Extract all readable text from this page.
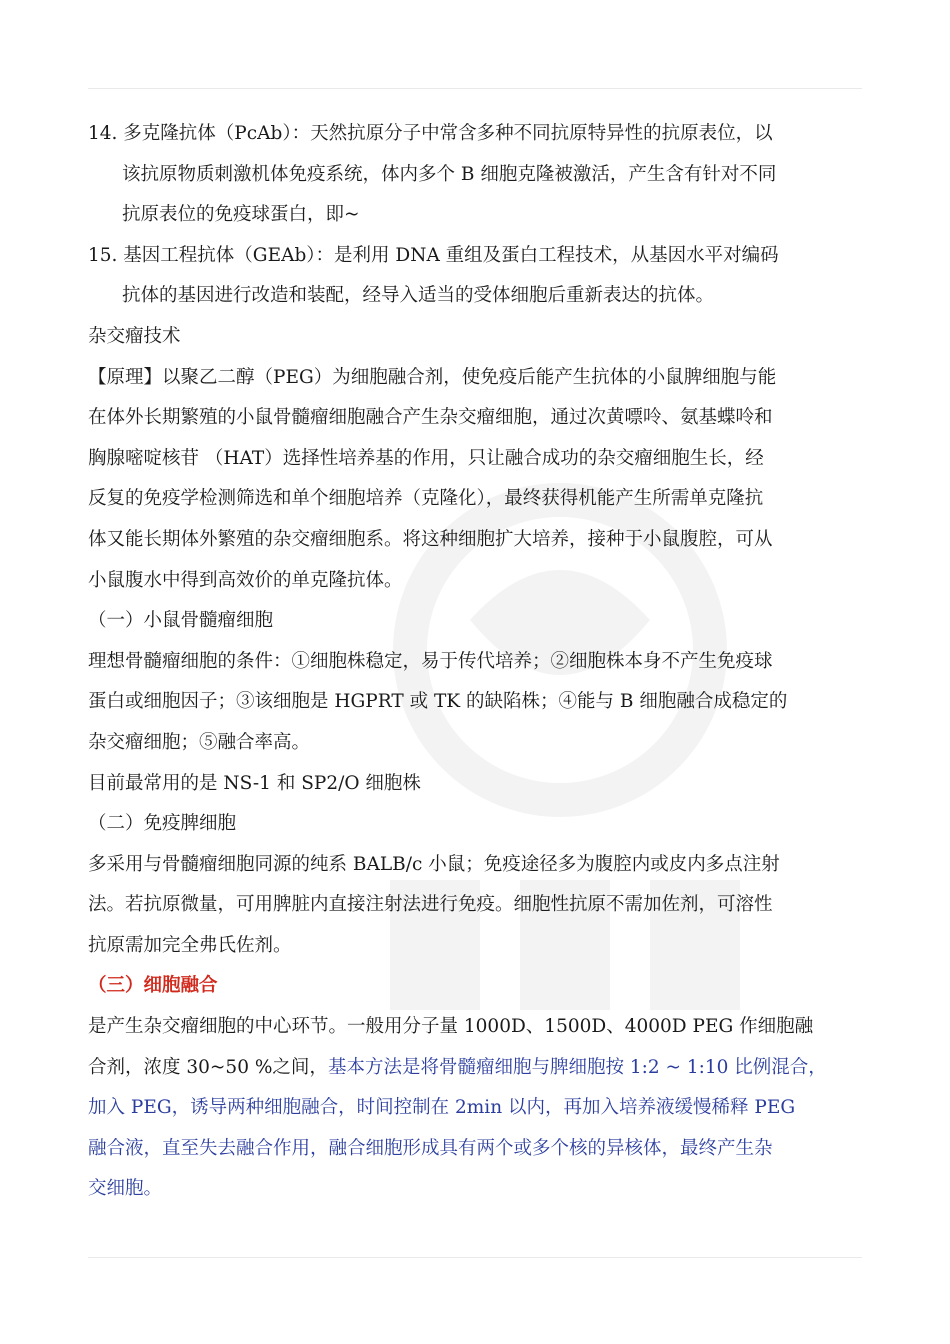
14. 多克隆抗体（PcAb）：天然抗原分子中常含多种不同抗原特异性的抗原表位，以

该抗原物质刺激机体免疫系统，体内多个 B 细胞克隆被激活，产生含有针对不同

抗原表位的免疫球蛋白，即~

15. 基因工程抗体（GEAb）：是利用 DNA 重组及蛋白工程技术，从基因水平对编码

抗体的基因进行改造和装配，经导入适当的受体细胞后重新表达的抗体。

杂交瘤技术

【原理】以聚乙二醇（PEG）为细胞融合剂，使免疫后能产生抗体的小鼠脾细胞与能

在体外长期繁殖的小鼠骨髓瘤细胞融合产生杂交瘤细胞，通过次黄嘌呤、氨基蝶呤和

胸腺嘧啶核苷 （HAT）选择性培养基的作用，只让融合成功的杂交瘤细胞生长，经

反复的免疫学检测筛选和单个细胞培养（克隆化），最终获得机能产生所需单克隆抗

体又能长期体外繁殖的杂交瘤细胞系。将这种细胞扩大培养，接种于小鼠腹腔，可从

小鼠腹水中得到高效价的单克隆抗体。

（一）小鼠骨髓瘤细胞

理想骨髓瘤细胞的条件：①细胞株稳定，易于传代培养；②细胞株本身不产生免疫球

蛋白或细胞因子；③该细胞是 HGPRT 或 TK 的缺陷株；④能与 B 细胞融合成稳定的

杂交瘤细胞；⑤融合率高。

目前最常用的是 NS-1 和 SP2/O 细胞株

（二）免疫脾细胞

多采用与骨髓瘤细胞同源的纯系 BALB/c 小鼠；免疫途径多为腹腔内或皮内多点注射

法。若抗原微量，可用脾脏内直接注射法进行免疫。细胞性抗原不需加佐剂，可溶性

抗原需加完全弗氏佐剂。

（三）细胞融合

是产生杂交瘤细胞的中心环节。一般用分子量 1000D、1500D、4000D PEG 作细胞融

合剂，浓度 30~50 %之间，基本方法是将骨髓瘤细胞与脾细胞按 1:2 ~ 1:10 比例混合，

加入 PEG，诱导两种细胞融合，时间控制在 2min 以内，再加入培养液缓慢稀释 PEG

融合液，直至失去融合作用，融合细胞形成具有两个或多个核的异核体，最终产生杂

交细胞。
